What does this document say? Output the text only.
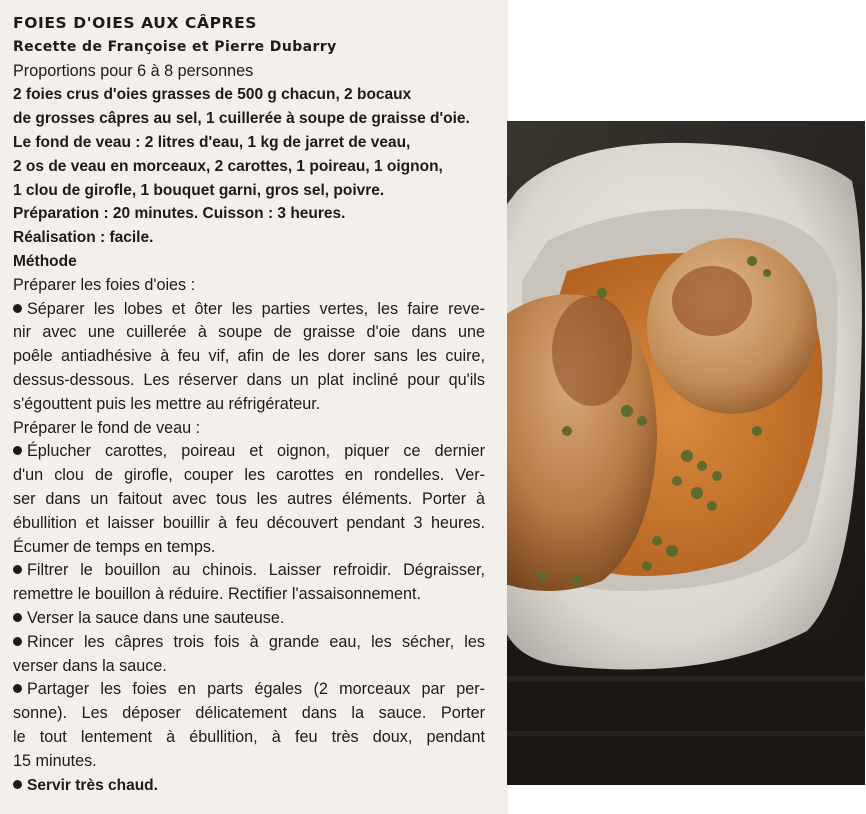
FOIES D'OIES AUX CÂPRES
Recette de Françoise et Pierre Dubarry
Proportions pour 6 à 8 personnes
2 foies crus d'oies grasses de 500 g chacun, 2 bocaux
de grosses câpres au sel, 1 cuillerée à soupe de graisse d'oie.
Le fond de veau : 2 litres d'eau, 1 kg de jarret de veau,
2 os de veau en morceaux, 2 carottes, 1 poireau, 1 oignon,
1 clou de girofle, 1 bouquet garni, gros sel, poivre.
Préparation : 20 minutes. Cuisson : 3 heures.
Réalisation : facile.
Méthode
Préparer les foies d'oies :
Séparer les lobes et ôter les parties vertes, les faire reve-
nir avec une cuillerée à soupe de graisse d'oie dans une
poêle antiadhésive à feu vif, afin de les dorer sans les cuire,
dessus-dessous. Les réserver dans un plat incliné pour qu'ils
s'égouttent puis les mettre au réfrigérateur.
Préparer le fond de veau :
Éplucher carottes, poireau et oignon, piquer ce dernier
d'un clou de girofle, couper les carottes en rondelles. Ver-
ser dans un faitout avec tous les autres éléments. Porter à
ébullition et laisser bouillir à feu découvert pendant 3 heures.
Écumer de temps en temps.
Filtrer le bouillon au chinois. Laisser refroidir. Dégraisser,
remettre le bouillon à réduire. Rectifier l'assaisonnement.
Verser la sauce dans une sauteuse.
Rincer les câpres trois fois à grande eau, les sécher, les
verser dans la sauce.
Partager les foies en parts égales (2 morceaux par per-
sonne). Les déposer délicatement dans la sauce. Porter
le tout lentement à ébullition, à feu très doux, pendant
15 minutes.
Servir très chaud.
